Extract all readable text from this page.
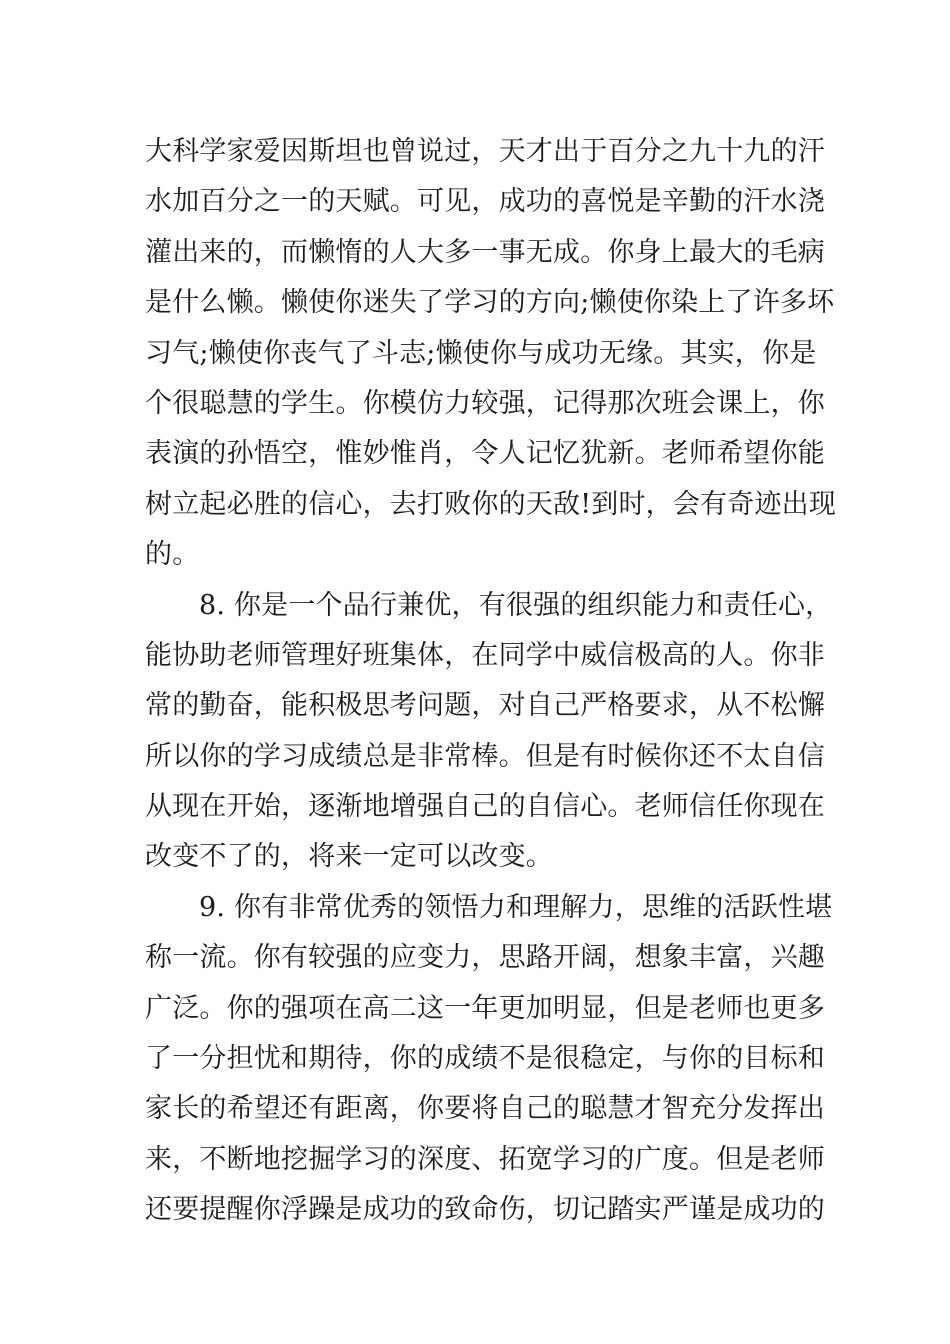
大科学家爱因斯坦也曾说过，天才出于百分之九十九的汗
水加百分之一的天赋。可见，成功的喜悦是辛勤的汗水浇
灌出来的，而懒惰的人大多一事无成。你身上最大的毛病
是什么懒。懒使你迷失了学习的方向;懒使你染上了许多坏
习气;懒使你丧气了斗志;懒使你与成功无缘。其实，你是
个很聪慧的学生。你模仿力较强，记得那次班会课上，你
表演的孙悟空，惟妙惟肖，令人记忆犹新。老师希望你能
树立起必胜的信心，去打败你的天敌!到时，会有奇迹出现
的。
8. 你是一个品行兼优，有很强的组织能力和责任心，
能协助老师管理好班集体，在同学中威信极高的人。你非
常的勤奋，能积极思考问题，对自己严格要求，从不松懈
所以你的学习成绩总是非常棒。但是有时候你还不太自信
从现在开始，逐渐地增强自己的自信心。老师信任你现在
改变不了的，将来一定可以改变。
9. 你有非常优秀的领悟力和理解力，思维的活跃性堪
称一流。你有较强的应变力，思路开阔，想象丰富，兴趣
广泛。你的强项在高二这一年更加明显，但是老师也更多
了一分担忧和期待，你的成绩不是很稳定，与你的目标和
家长的希望还有距离，你要将自己的聪慧才智充分发挥出
来，不断地挖掘学习的深度、拓宽学习的广度。但是老师
还要提醒你浮躁是成功的致命伤，切记踏实严谨是成功的
